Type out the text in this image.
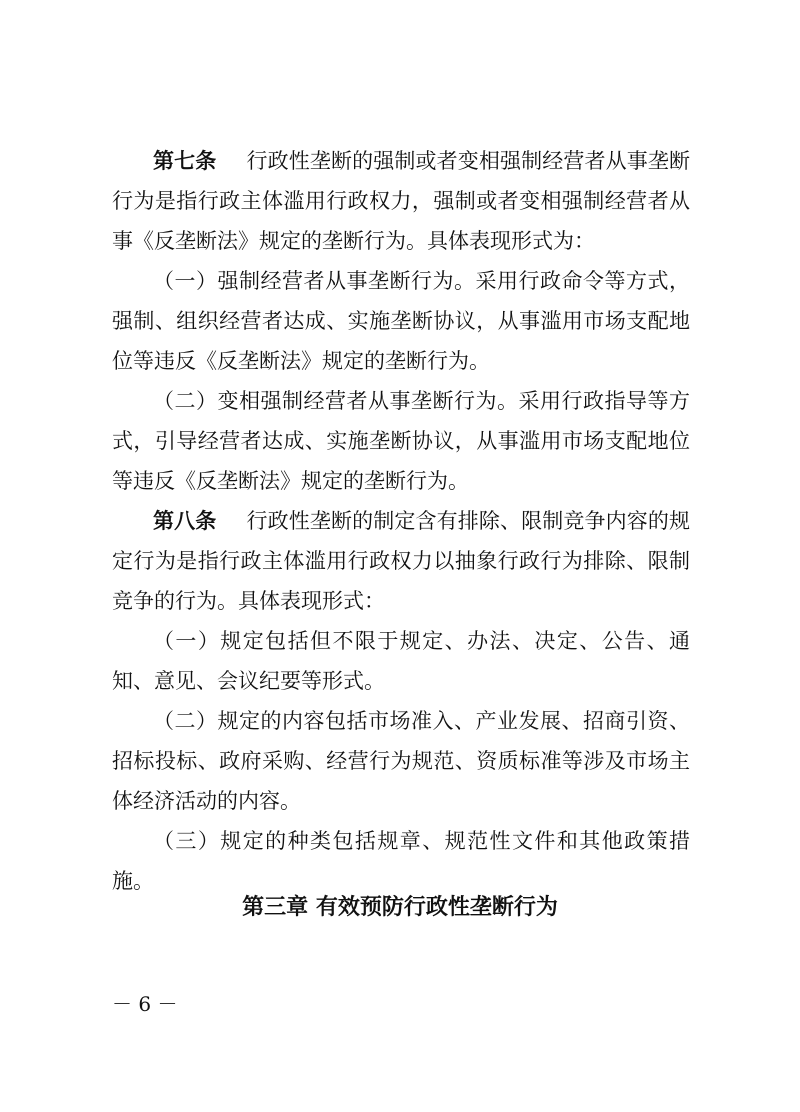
第七条 行政性垄断的强制或者变相强制经营者从事垄断
行为是指行政主体滥用行政权力，强制或者变相强制经营者从
事《反垄断法》规定的垄断行为。具体表现形式为：
（一）强制经营者从事垄断行为。采用行政命令等方式，
强制、组织经营者达成、实施垄断协议，从事滥用市场支配地
位等违反《反垄断法》规定的垄断行为。
（二）变相强制经营者从事垄断行为。采用行政指导等方
式，引导经营者达成、实施垄断协议，从事滥用市场支配地位
等违反《反垄断法》规定的垄断行为。
第八条 行政性垄断的制定含有排除、限制竞争内容的规
定行为是指行政主体滥用行政权力以抽象行政行为排除、限制
竞争的行为。具体表现形式：
（一）规定包括但不限于规定、办法、决定、公告、通
知、意见、会议纪要等形式。
（二）规定的内容包括市场准入、产业发展、招商引资、
招标投标、政府采购、经营行为规范、资质标准等涉及市场主
体经济活动的内容。
（三）规定的种类包括规章、规范性文件和其他政策措
施。
第三章 有效预防行政性垄断行为
－ 6 －
